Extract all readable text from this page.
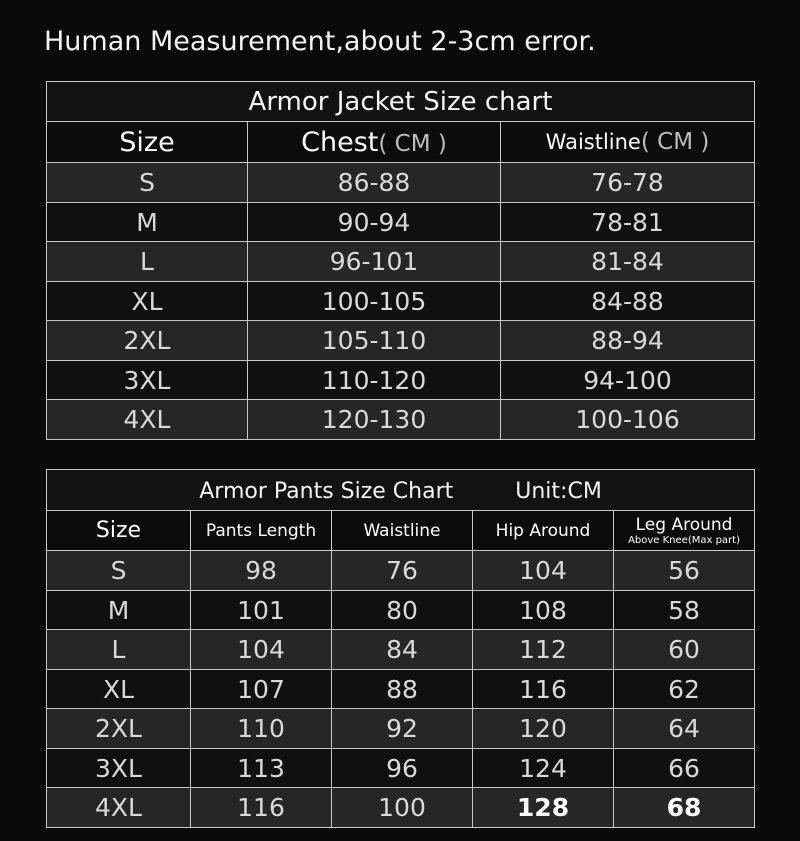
Human Measurement,about 2-3cm error.
Armor Jacket Size chart		
Size	Chest( CM )	Waistline( CM )
S	86-88	76-78
M	90-94	78-81
L	96-101	81-84
XL	100-105	84-88
2XL	105-110	88-94
3XL	110-120	94-100
4XL	120-130	100-106
Armor Pants Size Chart Unit:CM				
Size	Pants Length	Waistline	Hip Around	Leg Around
Above Knee(Max part)

S	98	76	104	56
M	101	80	108	58
L	104	84	112	60
XL	107	88	116	62
2XL	110	92	120	64
3XL	113	96	124	66
4XL	116	100	128	68
